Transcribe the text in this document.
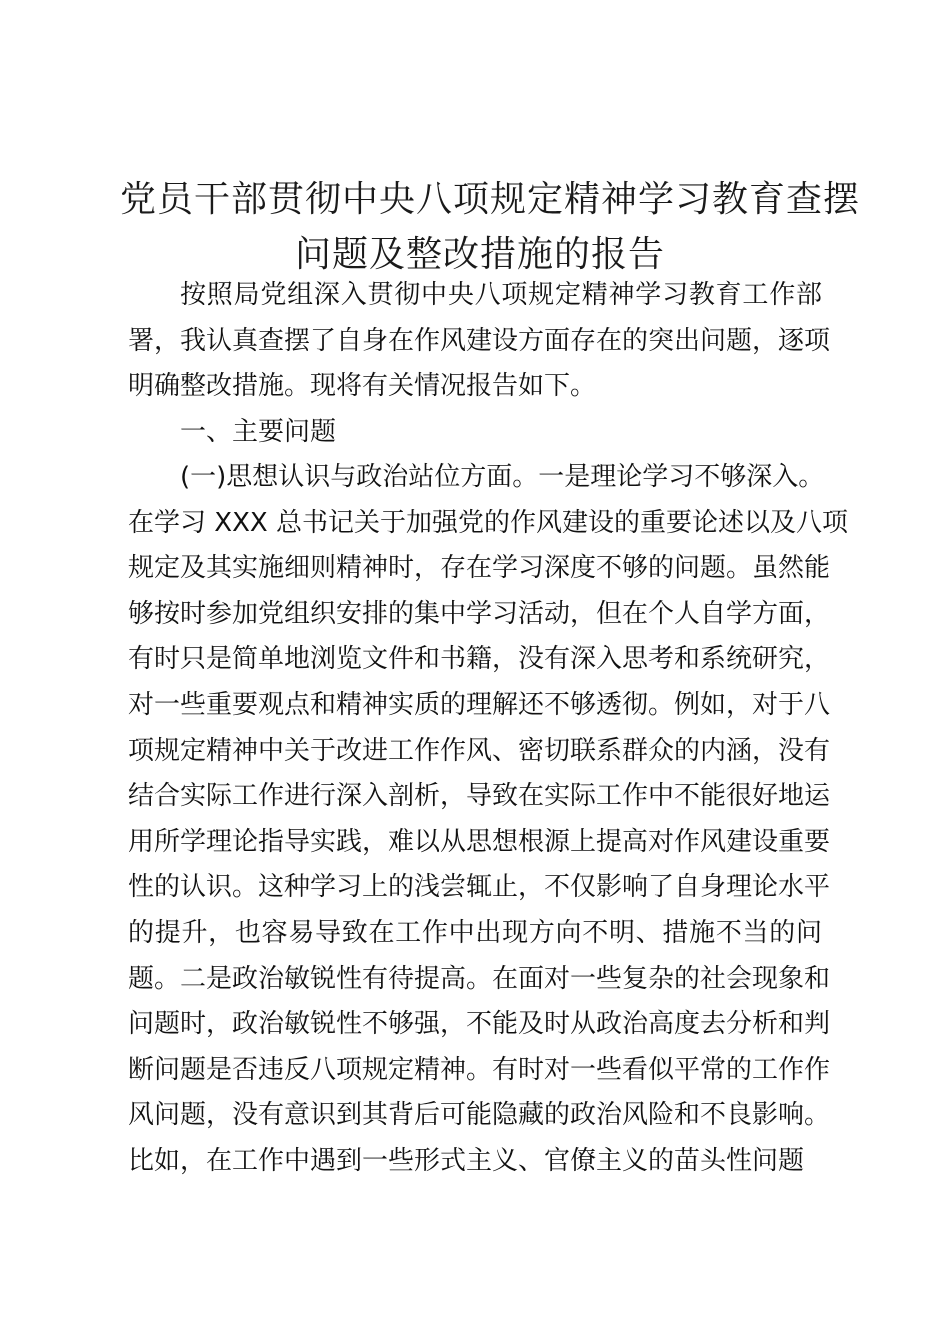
党员干部贯彻中央八项规定精神学习教育查摆
问题及整改措施的报告
按照局党组深入贯彻中央八项规定精神学习教育工作部
署，我认真查摆了自身在作风建设方面存在的突出问题，逐项
明确整改措施。现将有关情况报告如下。
一、主要问题
(一)思想认识与政治站位方面。一是理论学习不够深入。
在学习 XXX 总书记关于加强党的作风建设的重要论述以及八项
规定及其实施细则精神时，存在学习深度不够的问题。虽然能
够按时参加党组织安排的集中学习活动，但在个人自学方面，
有时只是简单地浏览文件和书籍，没有深入思考和系统研究，
对一些重要观点和精神实质的理解还不够透彻。例如，对于八
项规定精神中关于改进工作作风、密切联系群众的内涵，没有
结合实际工作进行深入剖析，导致在实际工作中不能很好地运
用所学理论指导实践，难以从思想根源上提高对作风建设重要
性的认识。这种学习上的浅尝辄止，不仅影响了自身理论水平
的提升，也容易导致在工作中出现方向不明、措施不当的问
题。二是政治敏锐性有待提高。在面对一些复杂的社会现象和
问题时，政治敏锐性不够强，不能及时从政治高度去分析和判
断问题是否违反八项规定精神。有时对一些看似平常的工作作
风问题，没有意识到其背后可能隐藏的政治风险和不良影响。
比如，在工作中遇到一些形式主义、官僚主义的苗头性问题
